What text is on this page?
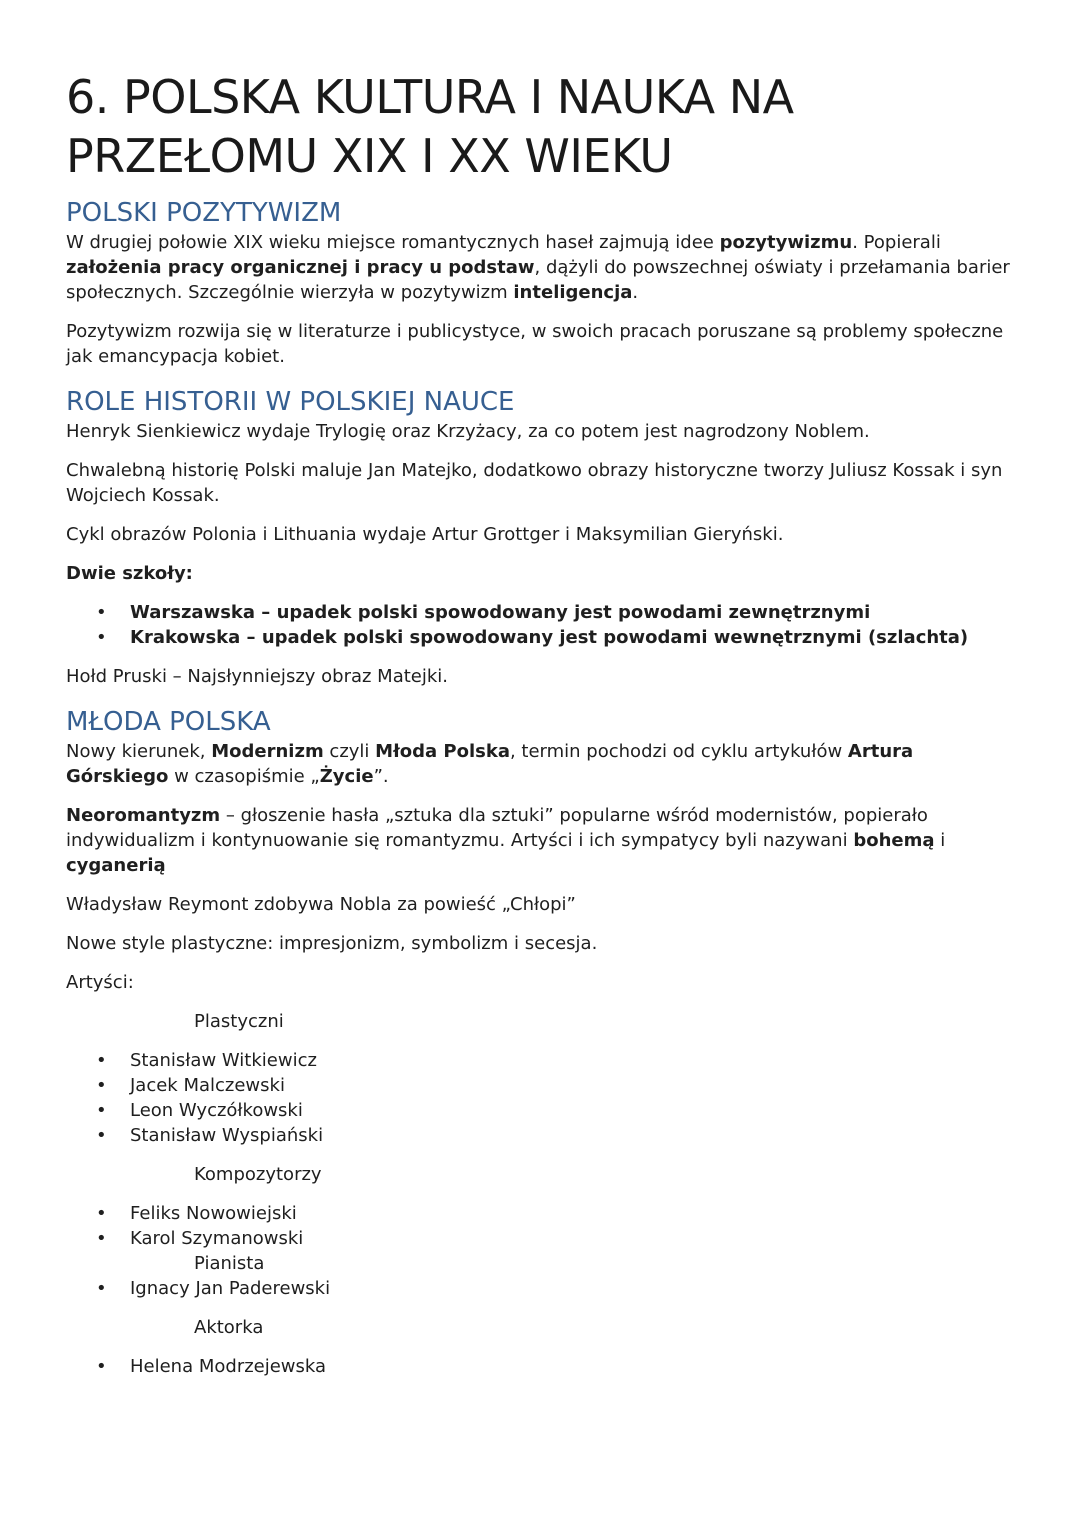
6. POLSKA KULTURA I NAUKA NA PRZEŁOMU XIX I XX WIEKU
POLSKI POZYTYWIZM

W drugiej połowie XIX wieku miejsce romantycznych haseł zajmują idee pozytywizmu. Popierali założenia pracy organicznej i pracy u podstaw, dążyli do powszechnej oświaty i przełamania barier społecznych. Szczególnie wierzyła w pozytywizm inteligencja.

Pozytywizm rozwija się w literaturze i publicystyce, w swoich pracach poruszane są problemy społeczne jak emancypacja kobiet.

ROLE HISTORII W POLSKIEJ NAUCE

Henryk Sienkiewicz wydaje Trylogię oraz Krzyżacy, za co potem jest nagrodzony Noblem.

Chwalebną historię Polski maluje Jan Matejko, dodatkowo obrazy historyczne tworzy Juliusz Kossak i syn Wojciech Kossak.

Cykl obrazów Polonia i Lithuania wydaje Artur Grottger i Maksymilian Gieryński.

Dwie szkoły:

• Warszawska – upadek polski spowodowany jest powodami zewnętrznymi
• Krakowska – upadek polski spowodowany jest powodami wewnętrznymi (szlachta)

Hołd Pruski – Najsłynniejszy obraz Matejki.

MŁODA POLSKA

Nowy kierunek, Modernizm czyli Młoda Polska, termin pochodzi od cyklu artykułów Artura Górskiego w czasopiśmie „Życie”.

Neoromantyzm – głoszenie hasła „sztuka dla sztuki” popularne wśród modernistów, popierało indywidualizm i kontynuowanie się romantyzmu. Artyści i ich sympatycy byli nazywani bohemą i cyganerią

Władysław Reymont zdobywa Nobla za powieść „Chłopi”

Nowe style plastyczne: impresjonizm, symbolizm i secesja.

Artyści:

Plastyczni
• Stanisław Witkiewicz
• Jacek Malczewski
• Leon Wyczółkowski
• Stanisław Wyspiański
Kompozytorzy
• Feliks Nowowiejski
• Karol Szymanowski
Pianista
• Ignacy Jan Paderewski
Aktorka
• Helena Modrzejewska
